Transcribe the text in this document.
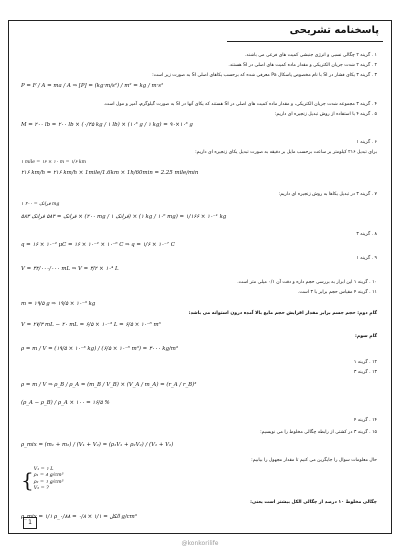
پاسخنامه تشریحی
۱ . گزینه ۲ چگالی نسبی و انرژی جنبشی کمیت های فرعی می باشند.
۲ . گزینه ۲ شدت جریان الکتریکی و مقدار ماده کمیت های اصلی در SI هستند.
۳ . گزینه ۳ یکای فشار در SI با نام مخصوص پاسکال Pa معرفی شده که برحسب یکاهای اصلی SI به صورت زیر است:
P = F / A = ma / A ⇒ [P] = (kg·m/s²) / m² = kg / m·s²
۴ . گزینه ۳ مجموعه شدت جریان الکتریکی، و مقدار ماده کمیت های اصلی در SI هستند که یکای آنها در SI به صورت گیلوگرم، آمپر و مول است.
۵ . گزینه ۴ با استفاده از روش تبدیل زنجیره ای داریم:
M = ۲۰۰ lb = ۲۰۰ lb × (۰/۴۵ kg / ۱ lb) × (۱۰³ g / ۱ kg) = ۹۰×۱۰³ g
۶ . گزینه ۱
برای تبدیل ۲۱۶ کیلومتر بر ساعت برحسب مایل بر دقیقه به صورت تبدیل یکای زنجیره ای داریم:
۱ mile = ۱۶ × ۱۰ m = ۱/۶ km
۲۱۶ km/h = ۲۱۶ km/h × 1mile/1.6km × 1h/60min = 2.25 mile/min
۷ . گزینه ۳ در تبدیل یکاها به روش زنجیره ای داریم:
۱ فرانک = ۲۰۰ mg
۵۸۳ فرانک = ۵۸۳ فرانک × (۲۰۰ mg / ۱ فرانک) × (۱ kg / ۱۰⁶ mg) = ۱/۱۶۶ × ۱۰⁻¹ kg
۸ . گزینه ۳
q = ۱۶ × ۱۰⁻² μC = ۱۶ × ۱۰⁻² × ۱۰⁻⁶ C ⇒ q = ۱/۶ × ۱۰⁻⁷ C
۹ . گزینه ۱
V = ۳۲/۰۰۰/۰۰۰ mL ⇒ V = ۳/۲ × ۱۰⁴ L
۱۰ . گزینه ۱ این ابزار به بررسی حجم داره و دقت آن ۰/۱ میلی متر است.
۱۱ . گزینه ۴ مقیاس حجم برابر با ۳ است.
m = ۱۹/۵ g ⇒ ۱۹/۵ × ۱۰⁻³ kg
گام دوم: حجم جسم برابر مقدار افزایش حجم مایع بالا آمده درون استوانه می باشد:
V = ۲۷/۳ mL − ۲۰ mL = ۶/۵ × ۱۰⁻³ L = ۶/۵ × ۱۰⁻⁶ m³
گام سوم:
ρ = m / V = (۱۹/۵ × ۱۰⁻³ kg) / (۶/۵ × ۱۰⁻⁶ m³) = ۳۰۰۰ kg/m³
۱۲ . گزینه ۱
۱۳ . گزینه ۳
ρ = m / V ⇒ ρ_B / ρ_A = (m_B / V_B) × (V_A / m_A) = (r_A / r_B)³
(ρ_A − ρ_B) / ρ_A × ۱۰۰ = ۱۶/۵ %
۱۴ . گزینه ۴
۱۵ . گزینه ۳ در کشتی از رابطه چگالی مخلوط را می نویسیم:
ρ_mix = (m₁ + m₂) / (V₁ + V₂) = (ρ₁V₁ + ρ₂V₂) / (V₁ + V₂)
حال معلومات سوال را جایگزین می کنیم تا مقدار مجهول را بیابیم:
{ V₁ = ۱ L
ρ₁ = ۸ g/cm³
ρ₂ = ۱ g/cm³
V₂ = ?
چگالی مخلوط ۱۰ درصد از چگالی الکل بیشتر است یعنی:
ρ_mix = ۱/۱ ρ_الکل = ۱/۱ × ۰/۸ = ۰/۸۸ g/cm³
1
@konkorilife
